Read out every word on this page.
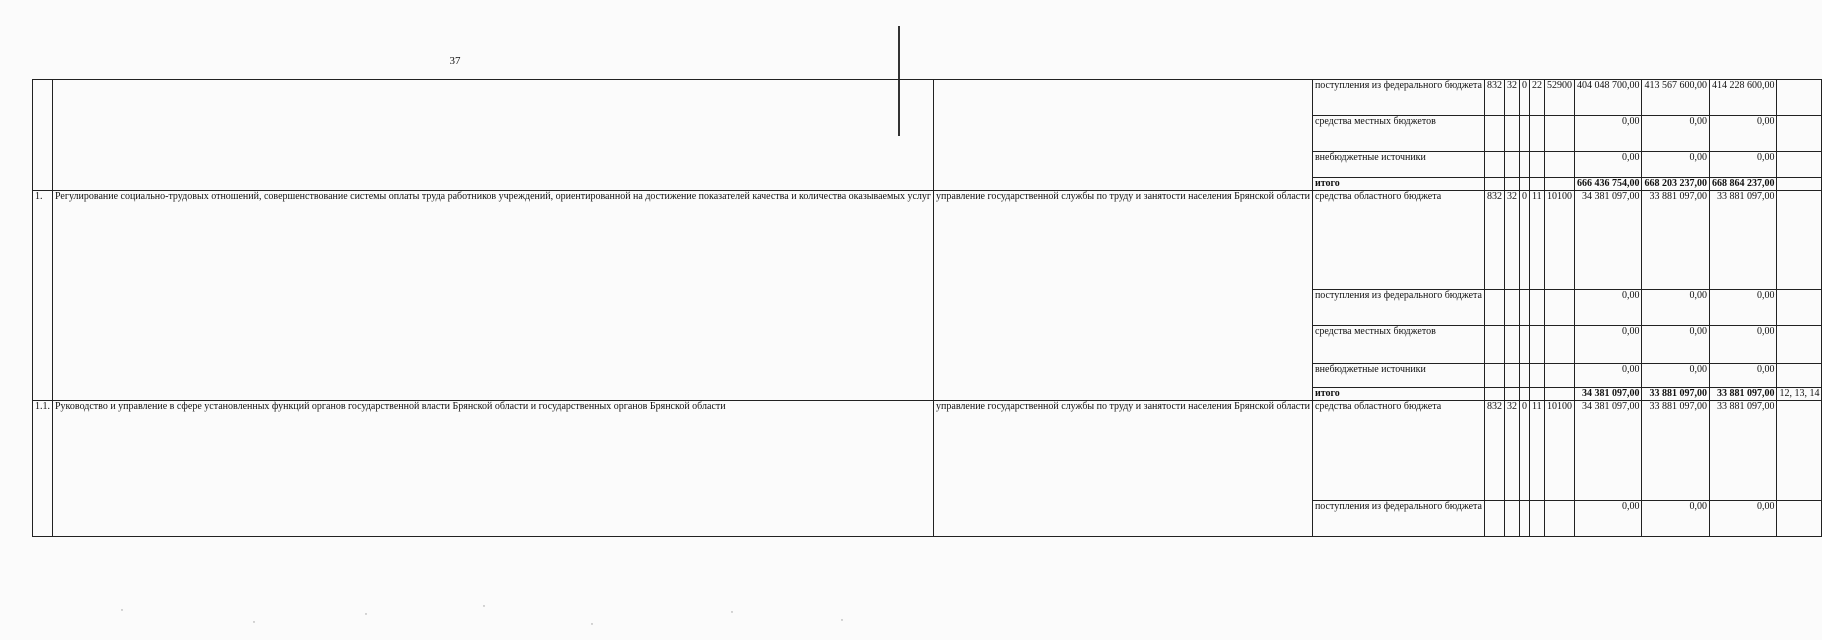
37
			поступления из федерального бюджета	832	32	0	22	52900	404 048 700,00	413 567 600,00	414 228 600,00	
			средства местных бюджетов						0,00	0,00	0,00	
			внебюджетные источники						0,00	0,00	0,00	
			итого						666 436 754,00	668 203 237,00	668 864 237,00	
1.	Регулирование социально-трудовых отношений, совершенствование системы оплаты труда работников учреждений, ориентированной на достижение показателей качества и количества оказываемых услуг	управление государственной службы по труду и занятости населения Брянской области	средства областного бюджета	832	32	0	11	10100	34 381 097,00	33 881 097,00	33 881 097,00	
			поступления из федерального бюджета						0,00	0,00	0,00	
			средства местных бюджетов						0,00	0,00	0,00	
			внебюджетные источники						0,00	0,00	0,00	
			итого						34 381 097,00	33 881 097,00	33 881 097,00	12, 13, 14
1.1.	Руководство и управление в сфере установленных функций органов государственной власти Брянской области и государственных органов Брянской области	управление государственной службы по труду и занятости населения Брянской области	средства областного бюджета	832	32	0	11	10100	34 381 097,00	33 881 097,00	33 881 097,00	
			поступления из федерального бюджета						0,00	0,00	0,00	
